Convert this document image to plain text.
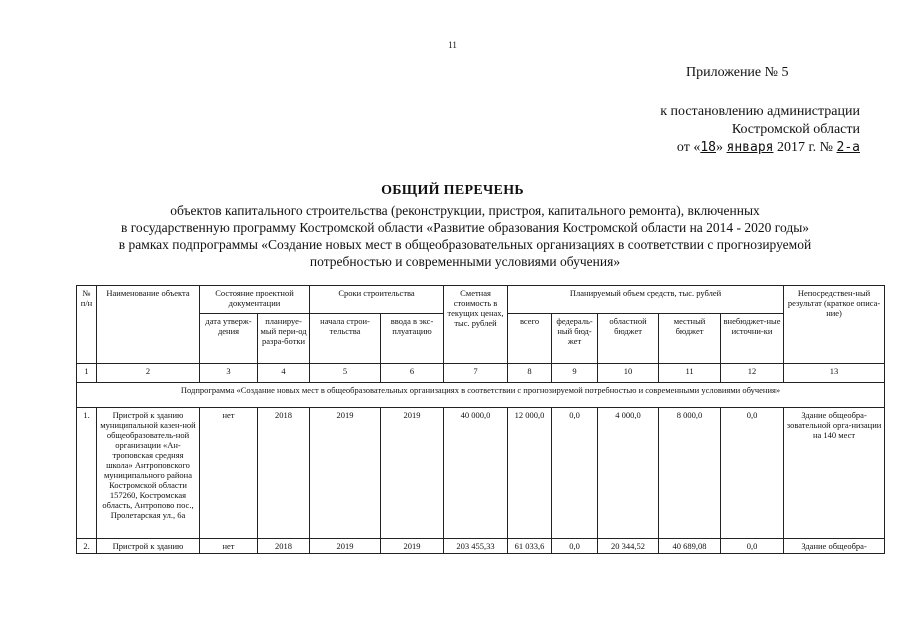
11
Приложение № 5
к постановлению администрации
Костромской области
от «18» января 2017 г. № 2-а
ОБЩИЙ ПЕРЕЧЕНЬ
объектов капитального строительства (реконструкции, пристроя, капитального ремонта), включенных
в государственную программу Костромской области «Развитие образования Костромской области на 2014 - 2020 годы»
в рамках подпрограммы «Создание новых мест в общеобразовательных организациях в соответствии с прогнозируемой
потребностью и современными условиями обучения»
№ п/н	Наименование объекта	Состояние проектной документации		Сроки строительства		Сметная стоимость в текущих ценах, тыс. рублей	Планируемый объем средств, тыс. рублей					Непосредствен-ный результат (краткое описа-ние)
		дата утверж-дения	планируе-мый пери-од разра-ботки	начала строи-тельства	ввода в экс-плуатацию		всего	федераль-ный бюд-жет	областной бюджет	местный бюджет	внебюджет-ные источни-ки	
1	2	3	4	5	6	7	8	9	10	11	12	13
Подпрограмма «Создание новых мест в общеобразовательных организациях в соответствии с прогнозируемой потребностью и современными условиями обучения»												
1.	Пристрой к зданию муниципальной казен-ной общеобразователь-ной организации «Ан-троповская средняя школа» Антроповского муниципального района Костромской области 157260, Костромская область, Антропово пос., Пролетарская ул., 6а	нет	2018	2019	2019	40 000,0	12 000,0	0,0	4 000,0	8 000,0	0,0	Здание общеобра-зовательной орга-низации на 140 мест
2.	Пристрой к зданию	нет	2018	2019	2019	203 455,33	61 033,6	0,0	20 344,52	40 689,08	0,0	Здание общеобра-
